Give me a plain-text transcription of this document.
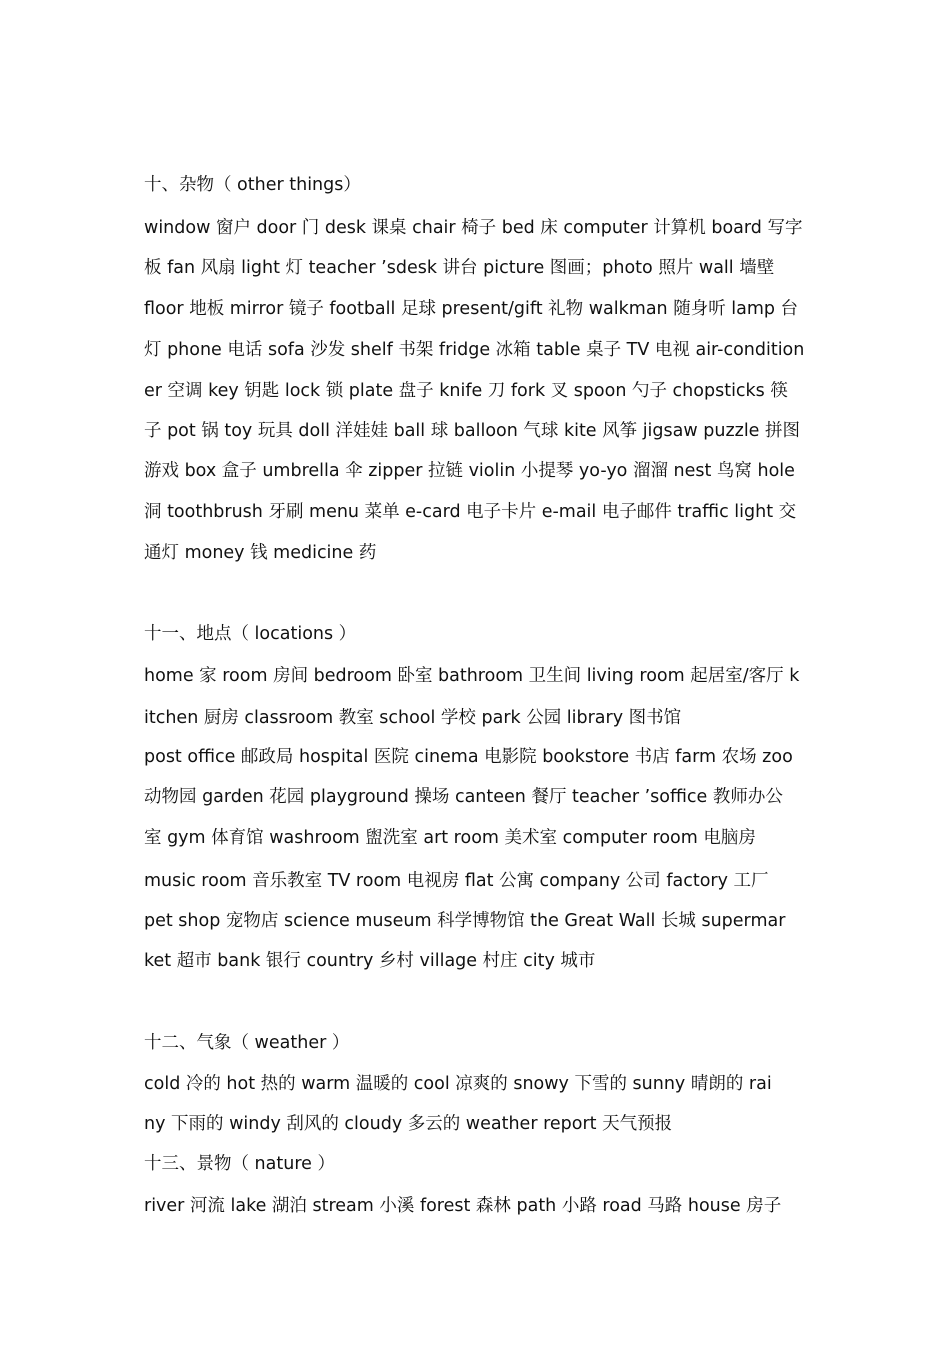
十、杂物（ other things）
window 窗户 door 门 desk 课桌 chair 椅子 bed 床 computer 计算机 board 写字
板 fan 风扇 light 灯 teacher ’sdesk 讲台 picture 图画；photo 照片 wall 墙壁
floor 地板 mirror 镜子 football 足球 present/gift 礼物 walkman 随身听 lamp 台
灯 phone 电话 sofa 沙发 shelf 书架 fridge 冰箱 table 桌子 TV 电视 air-condition
er 空调 key 钥匙 lock 锁 plate 盘子 knife 刀 fork 叉 spoon 勺子 chopsticks 筷
子 pot 锅 toy 玩具 doll 洋娃娃 ball 球 balloon 气球 kite 风筝 jigsaw puzzle 拼图
游戏 box 盒子 umbrella 伞 zipper 拉链 violin 小提琴 yo-yo 溜溜 nest 鸟窝 hole
洞 toothbrush 牙刷 menu 菜单 e-card 电子卡片 e-mail 电子邮件 traffic light 交
通灯 money 钱 medicine 药
十一、地点（ locations ）
home 家 room 房间 bedroom 卧室 bathroom 卫生间 living room 起居室/客厅 k
itchen 厨房 classroom 教室 school 学校 park 公园 library 图书馆
post office 邮政局 hospital 医院 cinema 电影院 bookstore 书店 farm 农场 zoo
动物园 garden 花园 playground 操场 canteen 餐厅 teacher ’soffice 教师办公
室 gym 体育馆 washroom 盥洗室 art room 美术室 computer room 电脑房
music room 音乐教室 TV room 电视房 flat 公寓 company 公司 factory 工厂
pet shop 宠物店 science museum 科学博物馆 the Great Wall 长城 supermar
ket 超市 bank 银行 country 乡村 village 村庄 city 城市
十二、气象（ weather ）
cold 冷的 hot 热的 warm 温暖的 cool 凉爽的 snowy 下雪的 sunny 晴朗的 rai
ny 下雨的 windy 刮风的 cloudy 多云的 weather report 天气预报
十三、景物（ nature ）
river 河流 lake 湖泊 stream 小溪 forest 森林 path 小路 road 马路 house 房子
